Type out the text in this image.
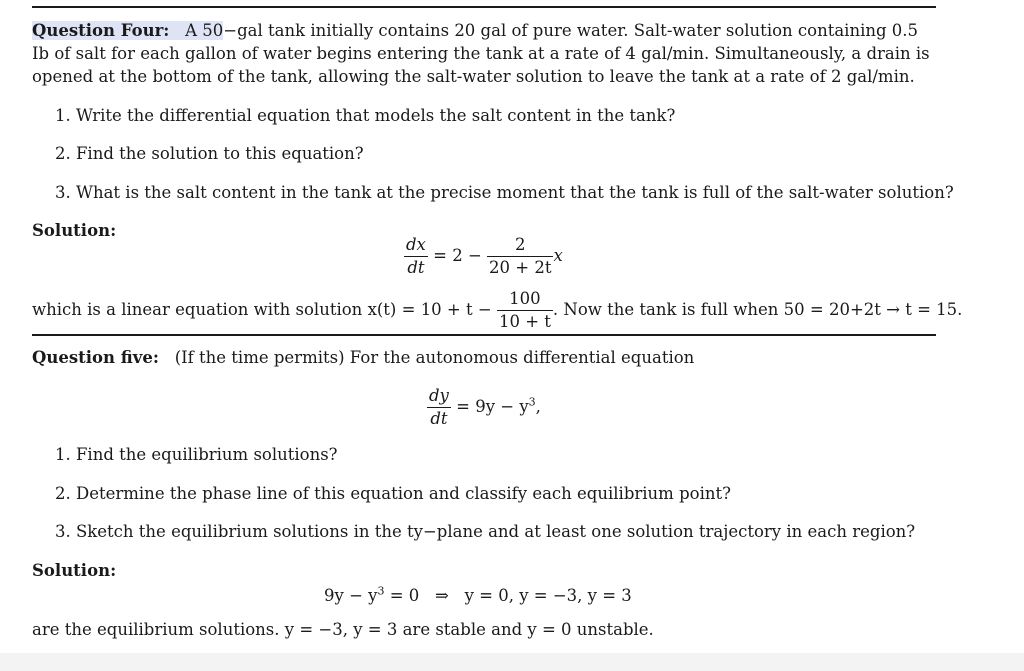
Question Four:   A 50−gal tank initially contains 20 gal of pure water. Salt-water solution containing 0.5
Ib of salt for each gallon of water begins entering the tank at a rate of 4 gal/min. Simultaneously, a drain is
opened at the bottom of the tank, allowing the salt-water solution to leave the tank at a rate of 2 gal/min.
1. Write the differential equation that models the salt content in the tank?
2. Find the solution to this equation?
3. What is the salt content in the tank at the precise moment that the tank is full of the salt-water solution?
Solution:
$\frac{dx}{dt} = 2 - \frac{2}{20 + 2t}$ x
which is a linear equation with solution $x(t) = 10 + t - \frac{100}{10 + t}$ . Now the tank is full when 50 = 20+2t → t = 15.
Question five: (If the time permits) For the autonomous differential equation
$\frac{dy}{dt} = 9y - y^3$,
1. Find the equilibrium solutions?
2. Determine the phase line of this equation and classify each equilibrium point?
3. Sketch the equilibrium solutions in the ty−plane and at least one solution trajectory in each region?
Solution:
$9y - y^3 = 0$   ⇒   y = 0, y = −3, y = 3
are the equilibrium solutions. y = −3, y = 3 are stable and y = 0 unstable.
